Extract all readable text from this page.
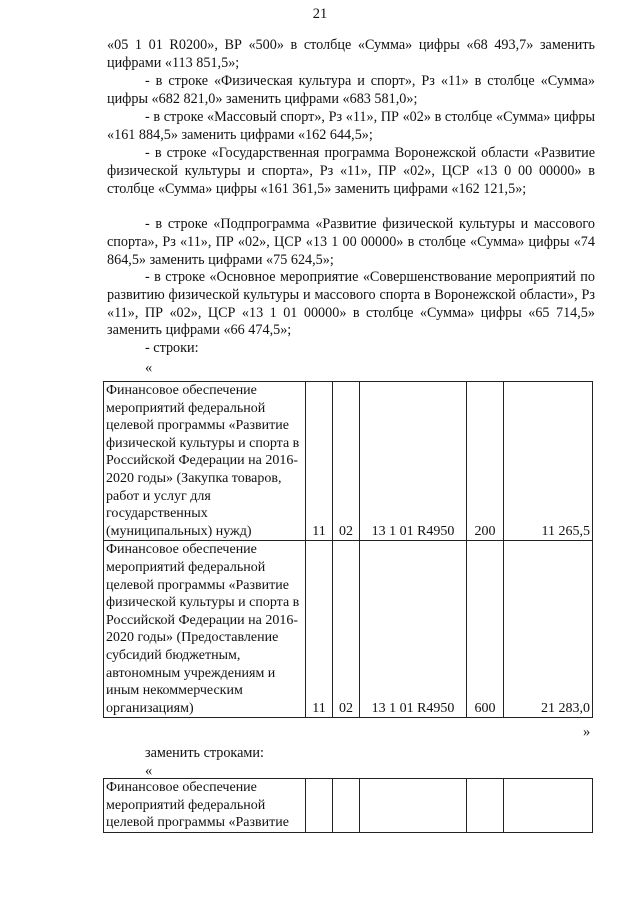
21
«05 1 01 R0200», ВР «500» в столбце «Сумма» цифры «68 493,7» заменить цифрами «113 851,5»;
- в строке «Физическая культура и спорт», Рз «11» в столбце «Сумма» цифры «682 821,0» заменить цифрами «683 581,0»;
- в строке «Массовый спорт», Рз «11», ПР «02» в столбце «Сумма» цифры «161 884,5» заменить цифрами «162 644,5»;
- в строке «Государственная программа Воронежской области «Развитие физической культуры и спорта», Рз «11», ПР «02», ЦСР «13 0 00 00000» в столбце «Сумма» цифры «161 361,5» заменить цифрами «162 121,5»;
- в строке «Подпрограмма «Развитие физической культуры и массового спорта», Рз «11», ПР «02», ЦСР «13 1 00 00000» в столбце «Сумма» цифры «74 864,5» заменить цифрами «75 624,5»;
- в строке «Основное мероприятие «Совершенствование мероприятий по развитию физической культуры и массового спорта в Воронежской области», Рз «11», ПР «02», ЦСР «13 1 01 00000» в столбце «Сумма» цифры «65 714,5» заменить цифрами «66 474,5»;
- строки:
«
Финансовое обеспечение мероприятий федеральной целевой программы «Развитие физической культуры и спорта в Российской Федерации на 2016-2020 годы» (Закупка товаров, работ и услуг для государственных (муниципальных) нужд)	11	02	13 1 01 R4950	200	11 265,5
Финансовое обеспечение мероприятий федеральной целевой программы «Развитие физической культуры и спорта в Российской Федерации на 2016-2020 годы» (Предоставление субсидий бюджетным, автономным учреждениям и иным некоммерческим организациям)	11	02	13 1 01 R4950	600	21 283,0
»
заменить строками:
«
Финансовое обеспечение мероприятий федеральной целевой программы «Развитие					
